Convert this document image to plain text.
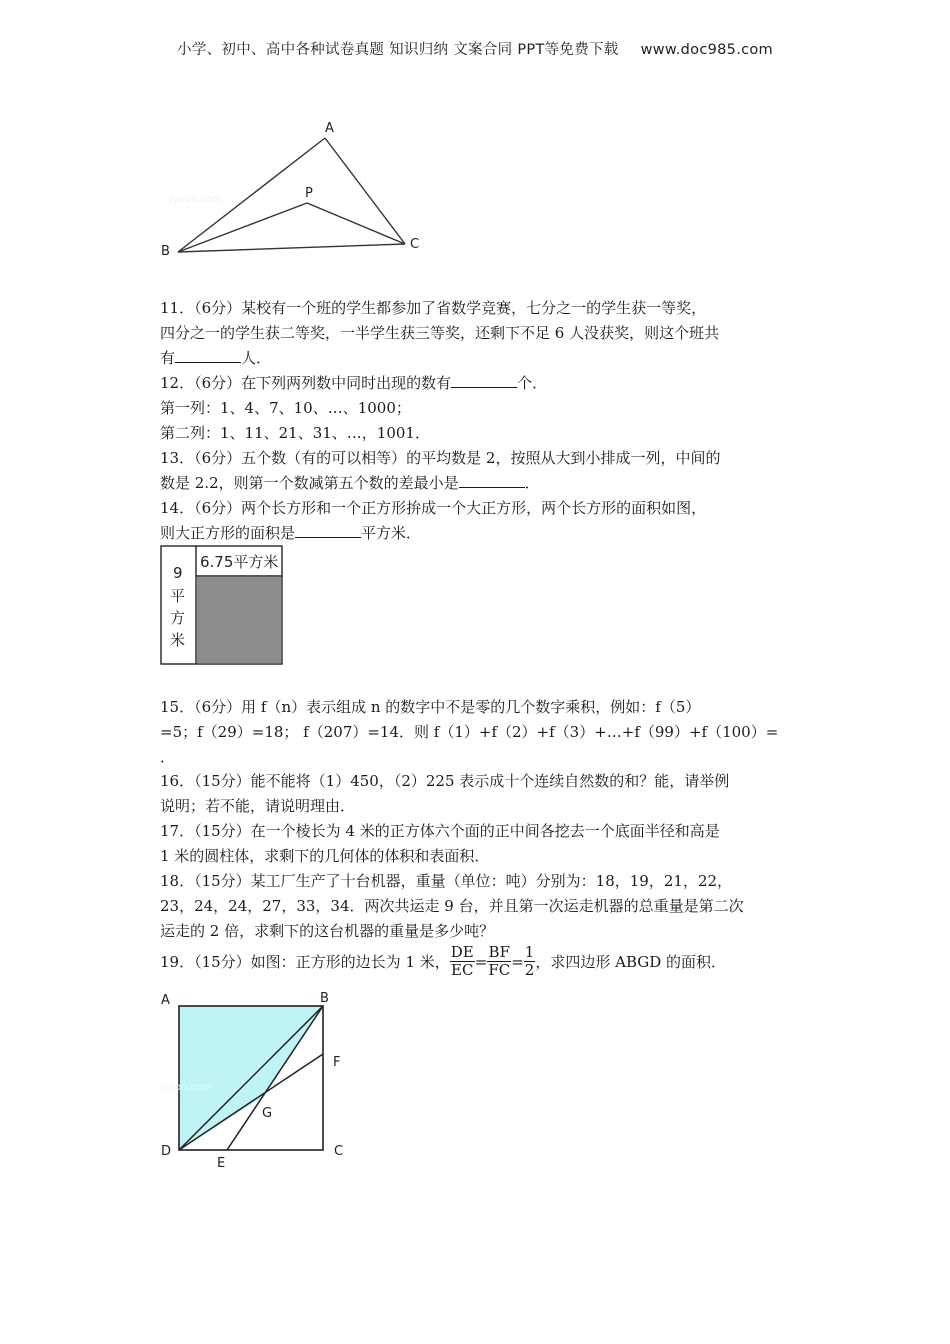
小学、初中、高中各种试卷真题 知识归纳 文案合同 PPT等免费下载 www.doc985.com
Jyeoo.com
A
P
B	C
11．（6分）某校有一个班的学生都参加了省数学竞赛，七分之一的学生获一等奖，
四分之一的学生获二等奖，一半学生获三等奖，还剩下不足 6 人没获奖，则这个班共
有	人．
12．（6分）在下列两列数中同时出现的数有	个．
第一列：1、4、7、10、…、1000；
第二列：1、11、21、31、…，1001．
13．（6分）五个数（有的可以相等）的平均数是 2，按照从大到小排成一列，中间的
数是 2.2，则第一个数减第五个数的差最小是	．
14．（6分）两个长方形和一个正方形拚成一个大正方形，两个长方形的面积如图，
则大正方形的面积是	平方米．
6.75平方米
9
平
方
米
15．（6分）用 f（n）表示组成 n 的数字中不是零的几个数字乘积，例如：f（5）
=5；f（29）=18； f（207）=14．则 f（1）+f（2）+f（3）+…+f（99）+f（100）=
．
16．（15分）能不能将（1）450，（2）225 表示成十个连续自然数的和？能，请举例
说明；若不能，请说明理由．
17．（15分）在一个棱长为 4 米的正方体六个面的正中间各挖去一个底面半径和高是
1 米的圆柱体，求剩下的几何体的体积和表面积．
18．（15分）某工厂生产了十台机器，重量（单位：吨）分别为：18，19，21，22，
23，24，24，27，33，34．两次共运走 9 台，并且第一次运走机器的总重量是第二次
运走的 2 倍，求剩下的这台机器的重量是多少吨？
19．（15分）如图：正方形的边长为 1 米， $\frac{DE}{EC} = \frac{BF}{FC} = \frac{1}{2}$ ，求四边形 ABGD 的面积．
Jyeoo.com
A	B
F
G
D	C
E
